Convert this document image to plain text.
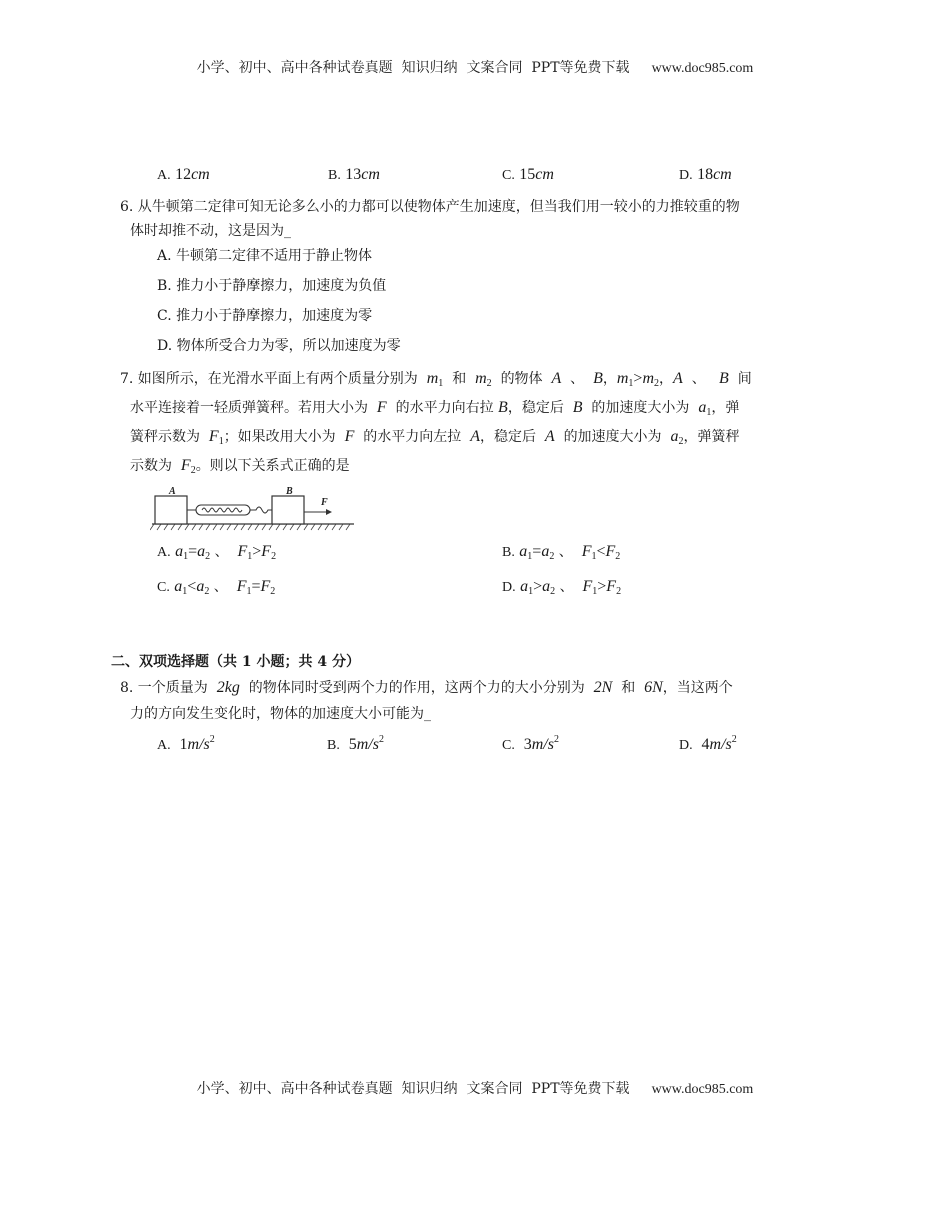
小学、初中、高中各种试卷真题  知识归纳  文案合同  PPT等免费下载 www.doc985.com
A. 12cm	B. 13cm	C. 15cm	D. 18cm
6. 从牛顿第二定律可知无论多么小的力都可以使物体产生加速度，但当我们用一较小的力推较重的物
体时却推不动，这是因为_
A. 牛顿第二定律不适用于静止物体
B. 推力小于静摩擦力，加速度为负值
C. 推力小于静摩擦力，加速度为零
D. 物体所受合力为零，所以加速度为零
7. 如图所示，在光滑水平面上有两个质量分别为 $m_1$ 和 $m_2$ 的物体 A 、 B，$m_1>m_2$，A 、 B 间
水平连接着一轻质弹簧秤。若用大小为 F 的水平力向右拉 B，稳定后 B 的加速度大小为 $a_1$，弹
簧秤示数为 $F_1$；如果改用大小为 F 的水平力向左拉 A，稳定后 A 的加速度大小为 $a_2$，弹簧秤
示数为 $F_2$。则以下关系式正确的是
A	B
F
A. $a_1=a_2$ 、 $F_1>F_2$	B. $a_1=a_2$ 、 $F_1<F_2$
C. $a_1<a_2$ 、 $F_1=F_2$	D. $a_1>a_2$ 、 $F_1>F_2$
二、双项选择题（共 1 小题；共 4 分）
8. 一个质量为 2kg 的物体同时受到两个力的作用，这两个力的大小分别为 2N 和 6N，当这两个
力的方向发生变化时，物体的加速度大小可能为_
A. $1m/s^2$	B. $5m/s^2$	C. $3m/s^2$	D. $4m/s^2$
小学、初中、高中各种试卷真题  知识归纳  文案合同  PPT等免费下载 www.doc985.com
